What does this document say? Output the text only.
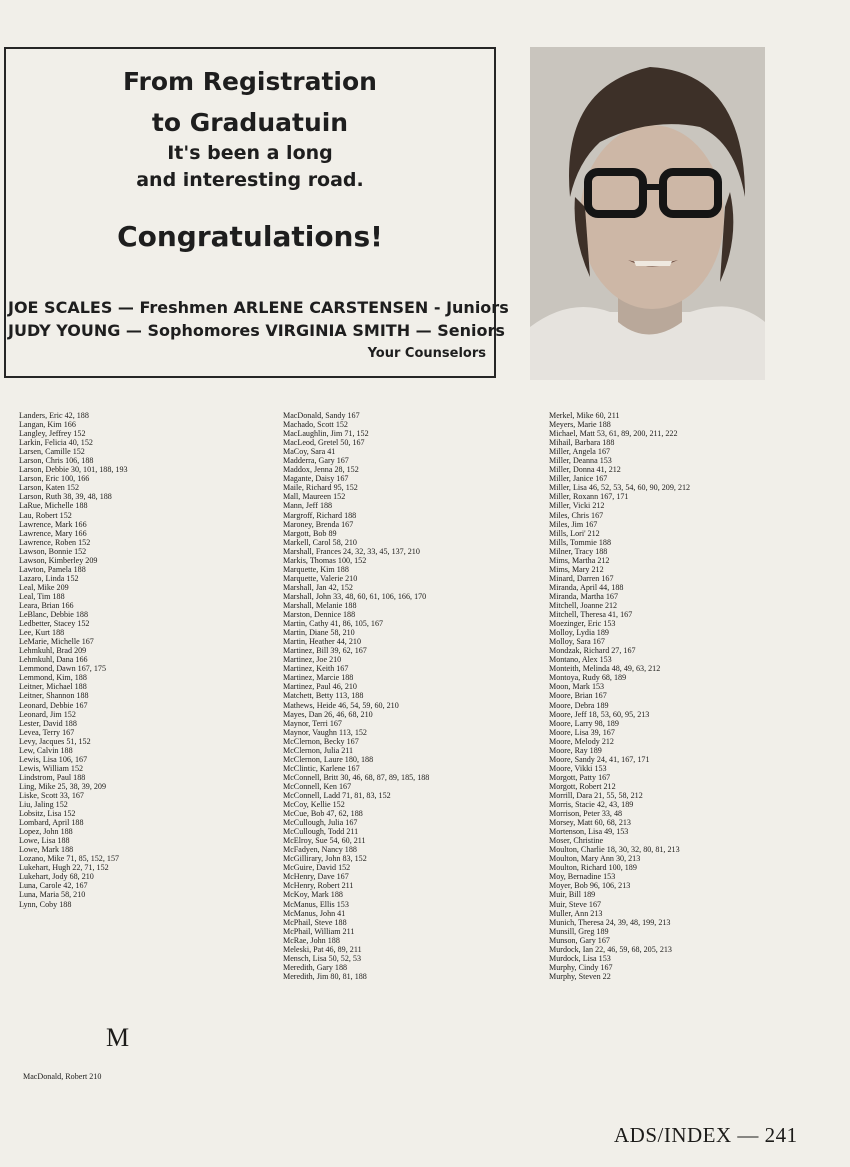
From Registration
to Graduatuin
It's been a long
and interesting road.
Congratulations!
JOE SCALES — Freshmen ARLENE CARSTENSEN - Juniors
JUDY YOUNG — Sophomores VIRGINIA SMITH — Seniors
Your Counselors
Landers, Eric 42, 188
Langan, Kim 166
Langley, Jeffrey 152
Larkin, Felicia 40, 152
Larsen, Camille 152
Larson, Chris 106, 188
Larson, Debbie 30, 101, 188, 193
Larson, Eric 100, 166
Larson, Katen 152
Larson, Ruth 38, 39, 48, 188
LaRue, Michelle 188
Lau, Robert 152
Lawrence, Mark 166
Lawrence, Mary 166
Lawrence, Roben 152
Lawson, Bonnie 152
Lawson, Kimberley 209
Lawton, Pamela 188
Lazaro, Linda 152
Leal, Mike 209
Leal, Tim 188
Leara, Brian 166
LeBlanc, Debbie 188
Ledbetter, Stacey 152
Lee, Kurt 188
LeMarie, Michelle 167
Lehmkuhl, Brad 209
Lehmkuhl, Dana 166
Lemmond, Dawn 167, 175
Lemmond, Kim, 188
Leitner, Michael 188
Leitner, Shannon 188
Leonard, Debbie 167
Leonard, Jim 152
Lester, David 188
Levea, Terry 167
Levy, Jacques 51, 152
Lew, Calvin 188
Lewis, Lisa 106, 167
Lewis, William 152
Lindstrom, Paul 188
Ling, Mike 25, 38, 39, 209
Liske, Scott 33, 167
Liu, Jaling 152
Lobsitz, Lisa 152
Lombard, April 188
Lopez, John 188
Lowe, Lisa 188
Lowe, Mark 188
Lozano, Mike 71, 85, 152, 157
Lukehart, Hugh 22, 71, 152
Lukehart, Jody 68, 210
Luna, Carole 42, 167
Luna, Maria 58, 210
Lynn, Coby 188
MacDonald, Sandy 167
Machado, Scott 152
MacLaughlin, Jim 71, 152
MacLeod, Gretel 50, 167
MaCoy, Sara 41
Madderra, Gary 167
Maddox, Jenna 28, 152
Magante, Daisy 167
Maile, Richard 95, 152
Mall, Maureen 152
Mann, Jeff 188
Margroff, Richard 188
Maroney, Brenda 167
Margott, Bob 89
Markell, Carol 58, 210
Marshall, Frances 24, 32, 33, 45, 137, 210
Markis, Thomas 100, 152
Marquette, Kim 188
Marquette, Valerie 210
Marshall, Jan 42, 152
Marshall, John 33, 48, 60, 61, 106, 166, 170
Marshall, Melanie 188
Marston, Dennice 188
Martin, Cathy 41, 86, 105, 167
Martin, Diane 58, 210
Martin, Heather 44, 210
Martinez, Bill 39, 62, 167
Martinez, Joe 210
Martinez, Keith 167
Martinez, Marcie 188
Martinez, Paul 46, 210
Matchett, Betty 113, 188
Mathews, Heide 46, 54, 59, 60, 210
Mayes, Dan 26, 46, 68, 210
Maynor, Terri 167
Maynor, Vaughn 113, 152
McClernon, Becky 167
McClernon, Julia 211
McClernon, Laure 180, 188
McClintic, Karlene 167
McConnell, Britt 30, 46, 68, 87, 89, 185, 188
McConnell, Ken 167
McConnell, Ladd 71, 81, 83, 152
McCoy, Kellie 152
McCue, Bob 47, 62, 188
McCullough, Julia 167
McCullough, Todd 211
McElroy, Sue 54, 60, 211
McFadyen, Nancy 188
McGillirary, John 83, 152
McGuire, David 152
McHenry, Dave 167
McHenry, Robert 211
McKoy, Mark 188
McManus, Ellis 153
McManus, John 41
McPhail, Steve 188
McPhail, William 211
McRae, John 188
Meleski, Pat 46, 89, 211
Mensch, Lisa 50, 52, 53
Meredith, Gary 188
Meredith, Jim 80, 81, 188
Merkel, Mike 60, 211
Meyers, Marie 188
Michael, Matt 53, 61, 89, 200, 211, 222
Mihail, Barbara 188
Miller, Angela 167
Miller, Deanna 153
Miller, Donna 41, 212
Miller, Janice 167
Miller, Lisa 46, 52, 53, 54, 60, 90, 209, 212
Miller, Roxann 167, 171
Miller, Vicki 212
Miles, Chris 167
Miles, Jim 167
Mills, Lori' 212
Mills, Tommie 188
Milner, Tracy 188
Mims, Martha 212
Mims, Mary 212
Minard, Darren 167
Miranda, April 44, 188
Miranda, Martha 167
Mitchell, Joanne 212
Mitchell, Theresa 41, 167
Moezinger, Eric 153
Molloy, Lydia 189
Molloy, Sara 167
Mondzak, Richard 27, 167
Montano, Alex 153
Monteith, Melinda 48, 49, 63, 212
Montoya, Rudy 68, 189
Moon, Mark 153
Moore, Brian 167
Moore, Debra 189
Moore, Jeff 18, 53, 60, 95, 213
Moore, Larry 98, 189
Moore, Lisa 39, 167
Moore, Melody 212
Moore, Ray 189
Moore, Sandy 24, 41, 167, 171
Moore, Vikki 153
Morgott, Patty 167
Morgott, Robert 212
Morrill, Dara 21, 55, 58, 212
Morris, Stacie 42, 43, 189
Morrison, Peter 33, 48
Morsey, Matt 60, 68, 213
Mortenson, Lisa 49, 153
Moser, Christine
Moulton, Charlie 18, 30, 32, 80, 81, 213
Moulton, Mary Ann 30, 213
Moulton, Richard 100, 189
Moy, Bernadine 153
Moyer, Bob 96, 106, 213
Muir, Bill 189
Muir, Steve 167
Muller, Ann 213
Munich, Theresa 24, 39, 48, 199, 213
Munsill, Greg 189
Munson, Gary 167
Murdock, Ian 22, 46, 59, 68, 205, 213
Murdock, Lisa 153
Murphy, Cindy 167
Murphy, Steven 22
M
MacDonald, Robert 210
ADS/INDEX — 241
